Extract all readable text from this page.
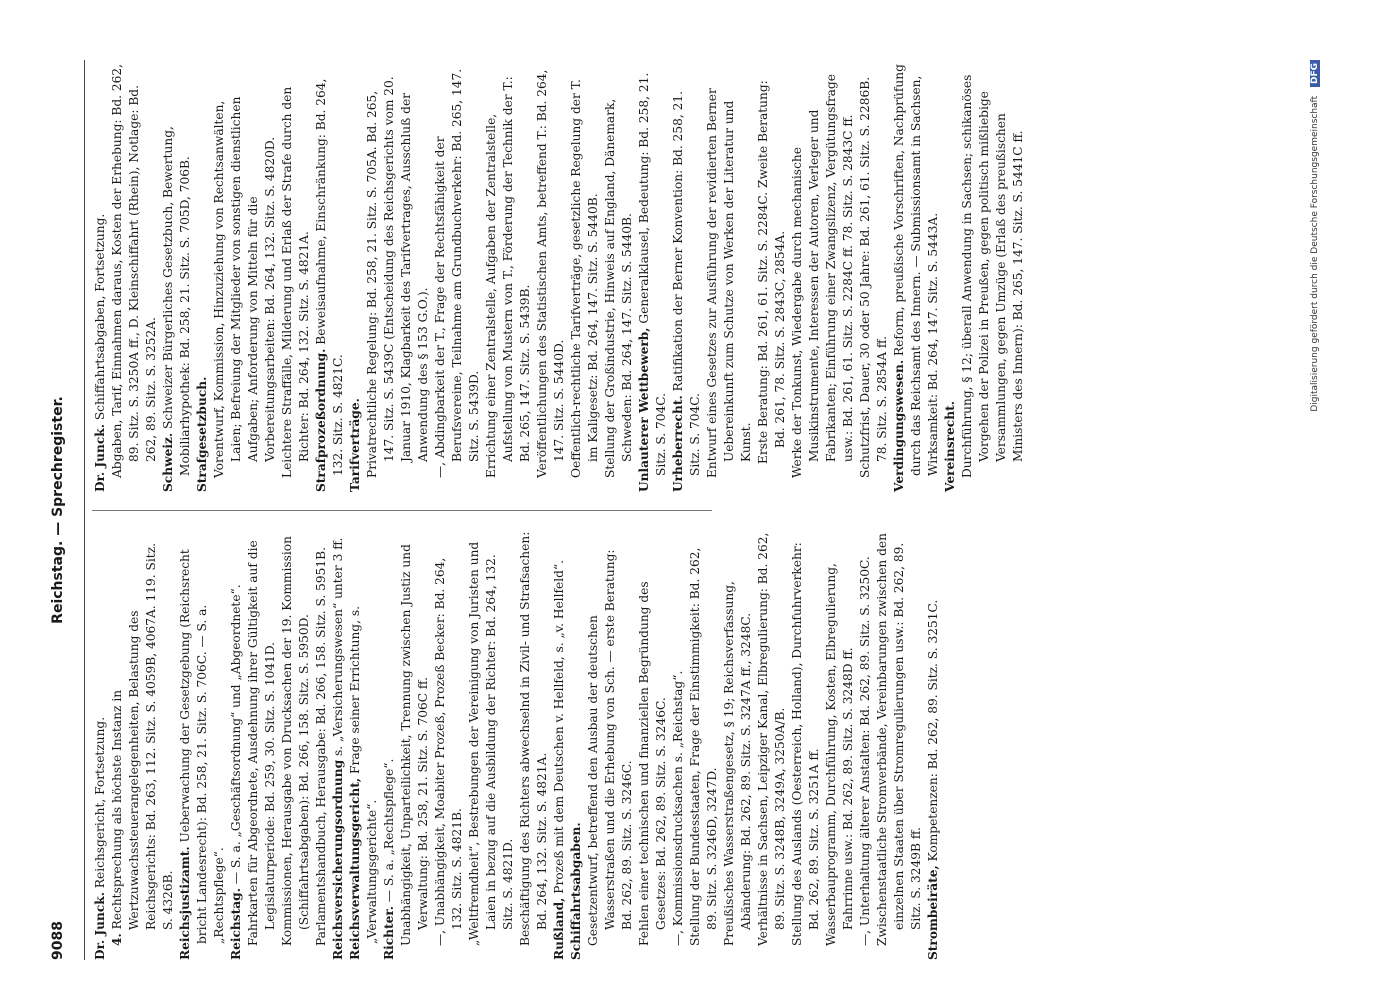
9088
Reichstag. — Sprechregister.

Dr. Junck. Reichsgericht, Fortsetzung.

4. Rechtsprechung als höchste Instanz in Wertzuwachssteuerangelegenheiten, Belastung des Reichsgerichts: Bd. 263, 112. Sitz. S. 4059B, 4067A. 119. Sitz. S. 4326B. Reichsjustizamt. Ueberwachung der Gesetzgebung (Reichsrecht bricht Landesrecht): Bd. 258, 21. Sitz. S. 706C. — S. a. „Rechtspflege“. Reichstag. — S. a. „Geschäftsordnung“ und „Abgeordnete“. Fahrkarten für Abgeordnete, Ausdehnung ihrer Gültigkeit auf die Legislaturperiode: Bd. 259, 30. Sitz. S. 1041D. Kommissionen, Herausgabe von Drucksachen der 19. Kommission (Schiffahrtsabgaben): Bd. 266, 158. Sitz. S. 5950D. Parlamentshandbuch, Herausgabe: Bd. 266, 158. Sitz. S. 5951B. Reichsversicherungsordnung s. „Versicherungswesen“ unter 3 ff.

Reichsverwaltungsgericht, Frage seiner Errichtung, s. „Verwaltungsgerichte“. Richter. — S. a. „Rechtspflege“. Unabhängigkeit, Unparteilichkeit, Trennung zwischen Justiz und Verwaltung: Bd. 258, 21. Sitz. S. 706C ff. —, Unabhängigkeit, Moabiter Prozeß, Prozeß Becker: Bd. 264, 132. Sitz. S. 4821B. „Weltfremdheit“, Bestrebungen der Vereinigung von Juristen und Laien in bezug auf die Ausbildung der Richter: Bd. 264, 132. Sitz. S. 4821D. Beschäftigung des Richters abwechselnd in Zivil- und Strafsachen: Bd. 264, 132. Sitz. S. 4821A. Rußland, Prozeß mit dem Deutschen v. Hellfeld, s. „v. Hellfeld“. Schiffahrtsabgaben. Gesetzentwurf, betreffend den Ausbau der deutschen Wasserstraßen und die Erhebung von Sch. — erste Beratung: Bd. 262, 89. Sitz. S. 3246C. Fehlen einer technischen und finanziellen Begründung des Gesetzes: Bd. 262, 89. Sitz. S. 3246C. —, Kommissionsdrucksachen s. „Reichstag“. Stellung der Bundesstaaten, Frage der Einstimmigkeit: Bd. 262, 89. Sitz. S. 3246D, 3247D. Preußisches Wasserstraßengesetz, § 19; Reichsverfassung, Abänderung: Bd. 262, 89. Sitz. S. 3247A ff., 3248C. Verhältnisse in Sachsen, Leipziger Kanal, Elbregulierung: Bd. 262, 89. Sitz. S. 3248B, 3249A, 3250A/B. Stellung des Auslands (Oesterreich, Holland), Durchfuhrverkehr: Bd. 262, 89. Sitz. S. 3251A ff. Wasserbauprogramm, Durchführung, Kosten, Elbregulierung, Fahrrinne usw.: Bd. 262, 89. Sitz. S. 3248D ff. —, Unterhaltung älterer Anstalten: Bd. 262, 89. Sitz. S. 3250C. Zwischenstaatliche Stromverbände, Vereinbarungen zwischen den einzelnen Staaten über Stromregulierungen usw.: Bd. 262, 89. Sitz. S. 3249B ff. Strombeiräte, Kompetenzen: Bd. 262, 89. Sitz. S. 3251C.

Dr. Junck. Schiffahrtsabgaben, Fortsetzung. Abgaben, Tarif, Einnahmen daraus, Kosten der Erhebung: Bd. 262, 89. Sitz. S. 3250A ff., D. Kleinschiffahrt (Rhein), Notlage: Bd. 262, 89. Sitz. S. 3252A.

Schweiz. Schweizer Bürgerliches Gesetzbuch, Bewertung, Mobiliarhypothek: Bd. 258, 21. Sitz. S. 705D, 706B. Strafgesetzbuch. Vorentwurf, Kommission, Hinzuziehung von Rechtsanwälten, Laien; Befreiung der Mitglieder von sonstigen dienstlichen Aufgaben; Anforderung von Mitteln für die Vorbereitungsarbeiten: Bd. 264, 132. Sitz. S. 4820D. Leichtere Straffälle, Milderung und Erlaß der Strafe durch den Richter: Bd. 264, 132. Sitz. S. 4821A. Strafprozeßordnung. Beweisaufnahme, Einschränkung: Bd. 264, 132. Sitz. S. 4821C. Tarifverträge. Privatrechtliche Regelung: Bd. 258, 21. Sitz. S. 705A. Bd. 265, 147. Sitz. S. 5439C (Entscheidung des Reichsgerichts vom 20. Januar 1910, Klagbarkeit des Tarifvertrages, Ausschluß der Anwendung des § 153 G.O.). —, Abdingbarkeit der T., Frage der Rechtsfähigkeit der Berufsvereine, Teilnahme am Grundbuchverkehr: Bd. 265, 147. Sitz. S. 5439D. Errichtung einer Zentralstelle, Aufgaben der Zentralstelle, Aufstellung von Mustern von T., Förderung der Technik der T.: Bd. 265, 147. Sitz. S. 5439B. Veröffentlichungen des Statistischen Amts, betreffend T.: Bd. 264, 147. Sitz. S. 5440D. Oeffentlich-rechtliche Tarifverträge, gesetzliche Regelung der T. im Kaligesetz: Bd. 264, 147. Sitz. S. 5440B. Stellung der Großindustrie, Hinweis auf England, Dänemark, Schweden: Bd. 264, 147. Sitz. S. 5440B. Unlauterer Wettbewerb, Generalklausel, Bedeutung: Bd. 258, 21. Sitz. S. 704C. Urheberrecht. Ratifikation der Berner Konvention: Bd. 258, 21. Sitz. S. 704C. Entwurf eines Gesetzes zur Ausführung der revidierten Berner Uebereinkunft zum Schutze von Werken der Literatur und Kunst. Erste Beratung: Bd. 261, 61. Sitz. S. 2284C. Zweite Beratung: Bd. 261, 78. Sitz. S. 2843C, 2854A. Werke der Tonkunst, Wiedergabe durch mechanische Musikinstrumente, Interessen der Autoren, Verleger und Fabrikanten; Einführung einer Zwangslizenz, Vergütungsfrage usw.: Bd. 261, 61. Sitz. S. 2284C ff. 78. Sitz. S. 2843C ff. Schutzfrist, Dauer, 30 oder 50 Jahre: Bd. 261, 61. Sitz. S. 2286B. 78. Sitz. S. 2854A ff. Verdingungswesen. Reform, preußische Vorschriften, Nachprüfung durch das Reichsamt des Innern. — Submissionsamt in Sachsen, Wirksamkeit: Bd. 264, 147. Sitz. S. 5443A. Vereinsrecht. Durchführung, § 12; überall Anwendung in Sachsen; schikanöses Vorgehen der Polizei in Preußen, gegen politisch mißliebige Versammlungen, gegen Umzüge (Erlaß des preußischen Ministers des Innern): Bd. 265, 147. Sitz. S. 5441C ff.	Digitalisierung gefördert durch die Deutsche Forschungsgemeinschaft DFG
